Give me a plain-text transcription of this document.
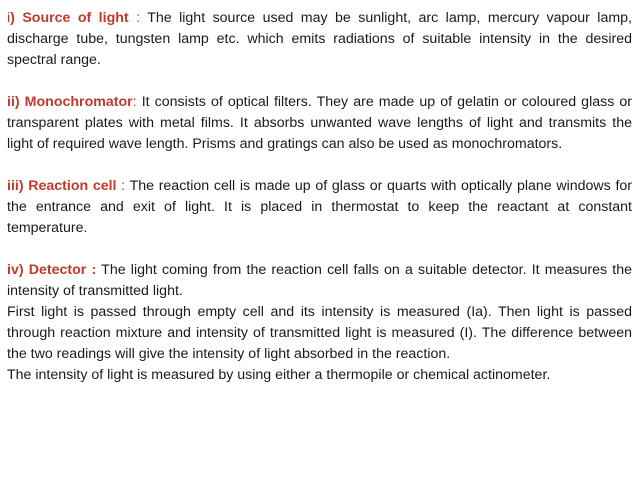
i) Source of light : The light source used may be sunlight, arc lamp, mercury vapour lamp, discharge tube, tungsten lamp etc. which emits radiations of suitable intensity in the desired spectral range.

ii) Monochromator: It consists of optical filters. They are made up of gelatin or coloured glass or transparent plates with metal films. It absorbs unwanted wave lengths of light and transmits the light of required wave length. Prisms and gratings can also be used as monochromators.

iii) Reaction cell : The reaction cell is made up of glass or quarts with optically plane windows for the entrance and exit of light. It is placed in thermostat to keep the reactant at constant temperature.

iv) Detector : The light coming from the reaction cell falls on a suitable detector. It measures the intensity of transmitted light.

First light is passed through empty cell and its intensity is measured (Ia). Then light is passed through reaction mixture and intensity of transmitted light is measured (I). The difference between the two readings will give the intensity of light absorbed in the reaction.

The intensity of light is measured by using either a thermopile or chemical actinometer.
